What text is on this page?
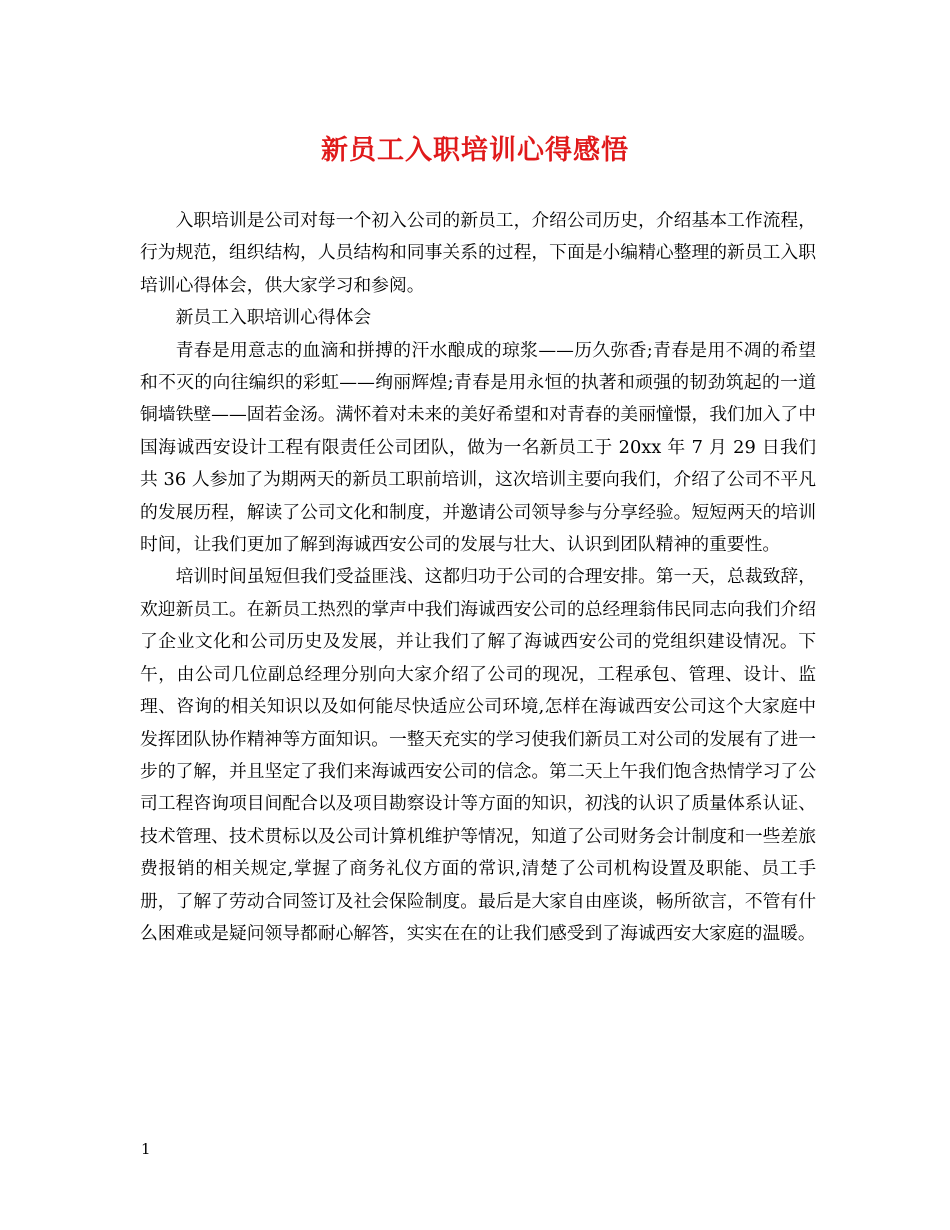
新员工入职培训心得感悟

入职培训是公司对每一个初入公司的新员工，介绍公司历史，介绍基本工作流程，行为规范，组织结构，人员结构和同事关系的过程，下面是小编精心整理的新员工入职培训心得体会，供大家学习和参阅。

新员工入职培训心得体会

青春是用意志的血滴和拼搏的汗水酿成的琼浆——历久弥香;青春是用不凋的希望和不灭的向往编织的彩虹——绚丽辉煌;青春是用永恒的执著和顽强的韧劲筑起的一道铜墙铁壁——固若金汤。满怀着对未来的美好希望和对青春的美丽憧憬，我们加入了中国海诚西安设计工程有限责任公司团队，做为一名新员工于 20xx 年 7 月 29 日我们共 36 人参加了为期两天的新员工职前培训，这次培训主要向我们，介绍了公司不平凡的发展历程，解读了公司文化和制度，并邀请公司领导参与分享经验。短短两天的培训时间，让我们更加了解到海诚西安公司的发展与壮大、认识到团队精神的重要性。

培训时间虽短但我们受益匪浅、这都归功于公司的合理安排。第一天，总裁致辞，欢迎新员工。在新员工热烈的掌声中我们海诚西安公司的总经理翁伟民同志向我们介绍了企业文化和公司历史及发展，并让我们了解了海诚西安公司的党组织建设情况。下午，由公司几位副总经理分别向大家介绍了公司的现况，工程承包、管理、设计、监理、咨询的相关知识以及如何能尽快适应公司环境,怎样在海诚西安公司这个大家庭中发挥团队协作精神等方面知识。一整天充实的学习使我们新员工对公司的发展有了进一步的了解，并且坚定了我们来海诚西安公司的信念。第二天上午我们饱含热情学习了公司工程咨询项目间配合以及项目勘察设计等方面的知识，初浅的认识了质量体系认证、技术管理、技术贯标以及公司计算机维护等情况，知道了公司财务会计制度和一些差旅费报销的相关规定,掌握了商务礼仪方面的常识,清楚了公司机构设置及职能、员工手册，了解了劳动合同签订及社会保险制度。最后是大家自由座谈，畅所欲言，不管有什么困难或是疑问领导都耐心解答，实实在在的让我们感受到了海诚西安大家庭的温暖。

1
